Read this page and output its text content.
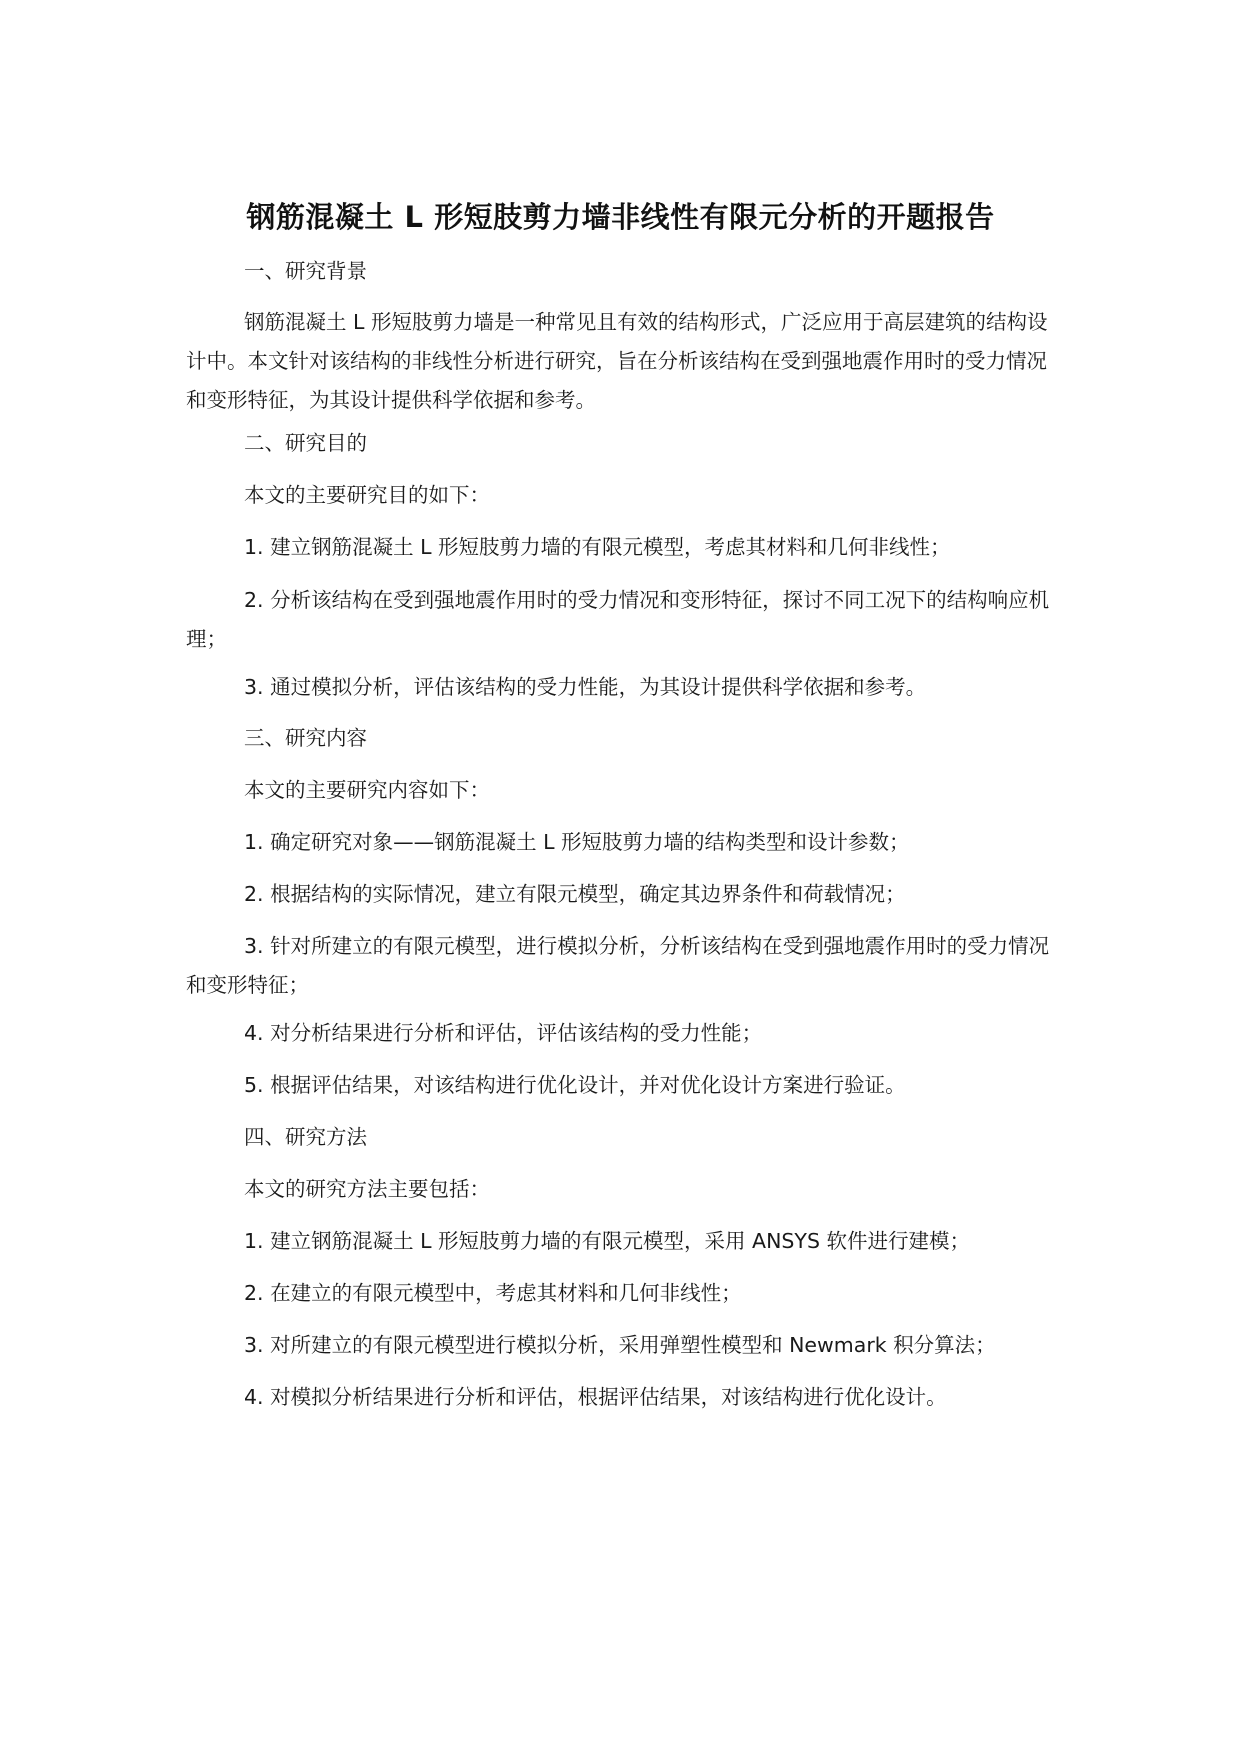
钢筋混凝土 L 形短肢剪力墙非线性有限元分析的开题报告

一、研究背景

钢筋混凝土 L 形短肢剪力墙是一种常见且有效的结构形式，广泛应用于高层建筑的结构设计中。本文针对该结构的非线性分析进行研究，旨在分析该结构在受到强地震作用时的受力情况和变形特征，为其设计提供科学依据和参考。

二、研究目的

本文的主要研究目的如下：

1. 建立钢筋混凝土 L 形短肢剪力墙的有限元模型，考虑其材料和几何非线性；

2. 分析该结构在受到强地震作用时的受力情况和变形特征，探讨不同工况下的结构响应机理；

3. 通过模拟分析，评估该结构的受力性能，为其设计提供科学依据和参考。

三、研究内容

本文的主要研究内容如下：

1. 确定研究对象——钢筋混凝土 L 形短肢剪力墙的结构类型和设计参数；

2. 根据结构的实际情况，建立有限元模型，确定其边界条件和荷载情况；

3. 针对所建立的有限元模型，进行模拟分析，分析该结构在受到强地震作用时的受力情况和变形特征；

4. 对分析结果进行分析和评估，评估该结构的受力性能；

5. 根据评估结果，对该结构进行优化设计，并对优化设计方案进行验证。

四、研究方法

本文的研究方法主要包括：

1. 建立钢筋混凝土 L 形短肢剪力墙的有限元模型，采用 ANSYS 软件进行建模；

2. 在建立的有限元模型中，考虑其材料和几何非线性；

3. 对所建立的有限元模型进行模拟分析，采用弹塑性模型和 Newmark 积分算法；

4. 对模拟分析结果进行分析和评估，根据评估结果，对该结构进行优化设计。
